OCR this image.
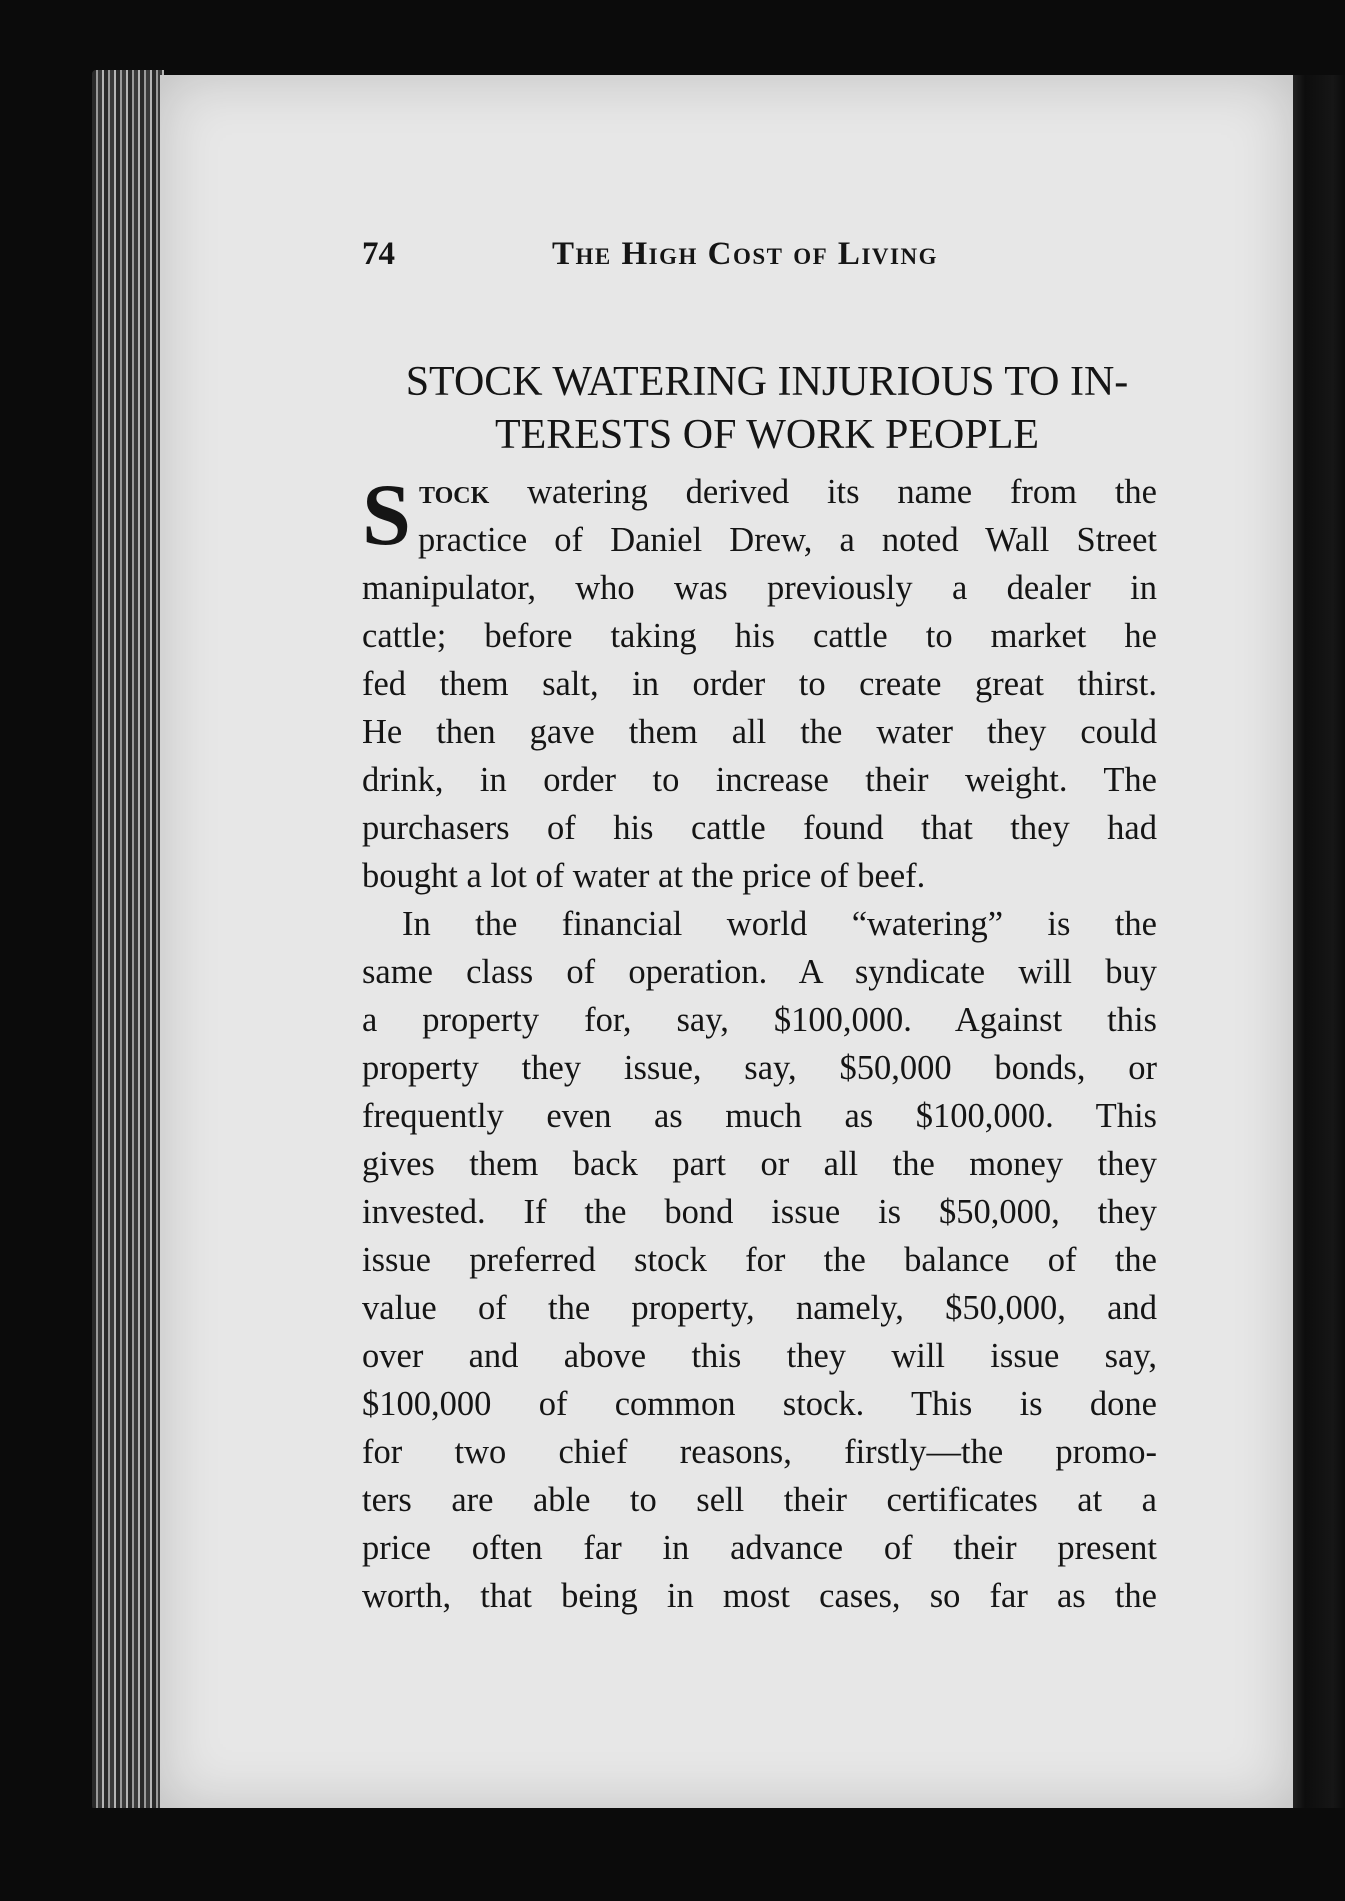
74	The High Cost of Living
STOCK WATERING INJURIOUS TO IN-
TERESTS OF WORK PEOPLE
S tock watering derived its name from the
practice of Daniel Drew, a noted Wall Street
manipulator, who was previously a dealer in
cattle; before taking his cattle to market he
fed them salt, in order to create great thirst.
He then gave them all the water they could
drink, in order to increase their weight. The
purchasers of his cattle found that they had
bought a lot of water at the price of beef.
In the financial world “watering” is the
same class of operation. A syndicate will buy
a property for, say, $100,000. Against this
property they issue, say, $50,000 bonds, or
frequently even as much as $100,000. This
gives them back part or all the money they
invested. If the bond issue is $50,000, they
issue preferred stock for the balance of the
value of the property, namely, $50,000, and
over and above this they will issue say,
$100,000 of common stock. This is done
for two chief reasons, firstly—the promo-
ters are able to sell their certificates at a
price often far in advance of their present
worth, that being in most cases, so far as the
